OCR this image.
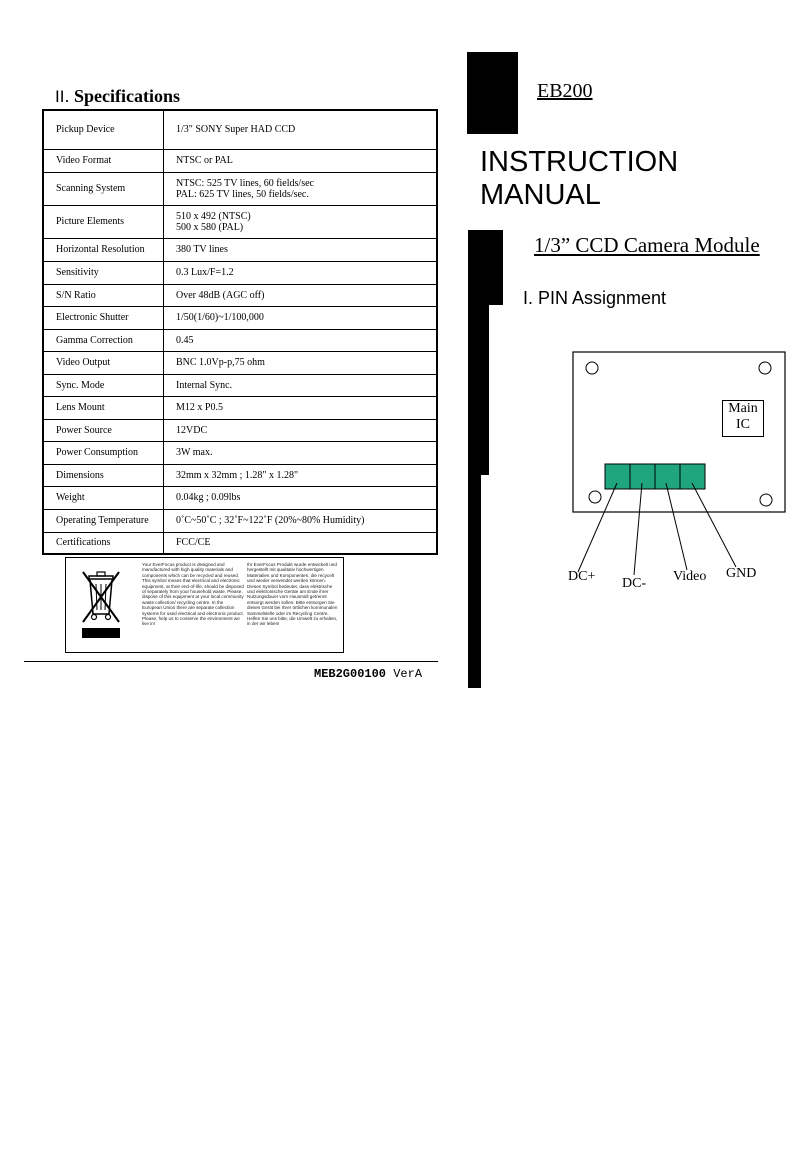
II. Specifications
Pickup Device	1/3" SONY Super HAD CCD
Video Format	NTSC or PAL
Scanning System	NTSC: 525 TV lines, 60 fields/sec
PAL: 625 TV lines, 50 fields/sec.
Picture Elements	510 x 492 (NTSC)
500 x 580 (PAL)
Horizontal Resolution	380 TV lines
Sensitivity	0.3 Lux/F=1.2
S/N Ratio	Over 48dB (AGC off)
Electronic Shutter	1/50(1/60)~1/100,000
Gamma Correction	0.45
Video Output	BNC 1.0Vp-p,75 ohm
Sync. Mode	Internal Sync.
Lens Mount	M12 x P0.5
Power Source	12VDC
Power Consumption	3W max.
Dimensions	32mm x 32mm ; 1.28" x 1.28"
Weight	0.04kg ; 0.09lbs
Operating Temperature	0˚C~50˚C ; 32˚F~122˚F (20%~80% Humidity)
Certifications	FCC/CE
Your EverFocus product is designed and manufactured with high quality materials and components which can be recycled and reused. This symbol means that electrical and electronic equipment, at their end-of-life, should be disposed of separately from your household waste. Please, dispose of this equipment at your local community waste collection/ recycling centre. In the European Union there are separate collection systems for used electrical and electronic product. Please, help us to conserve the environment we live in!
Ihr EverFocus Produkt wurde entwickelt und hergestellt mit qualitativ hochwertigen Materialien und Komponenten, die recycelt und wieder verwendet werden können. Dieses Symbol bedeutet, dass elektrische und elektronische Geräte am Ende ihrer Nutzungsdauer vom Hausmüll getrennt entsorgt werden sollen. Bitte entsorgen Sie dieses Gerät bei Ihrer örtlichen kommunalen Sammelstelle oder im Recycling Centre. Helfen Sie uns bitte, die Umwelt zu erhalten, in der wir leben!
MEB2G00100 VerA
EB200
INSTRUCTION
MANUAL
1/3” CCD Camera Module
I. PIN Assignment
Main
IC
DC+ DC- Video GND
